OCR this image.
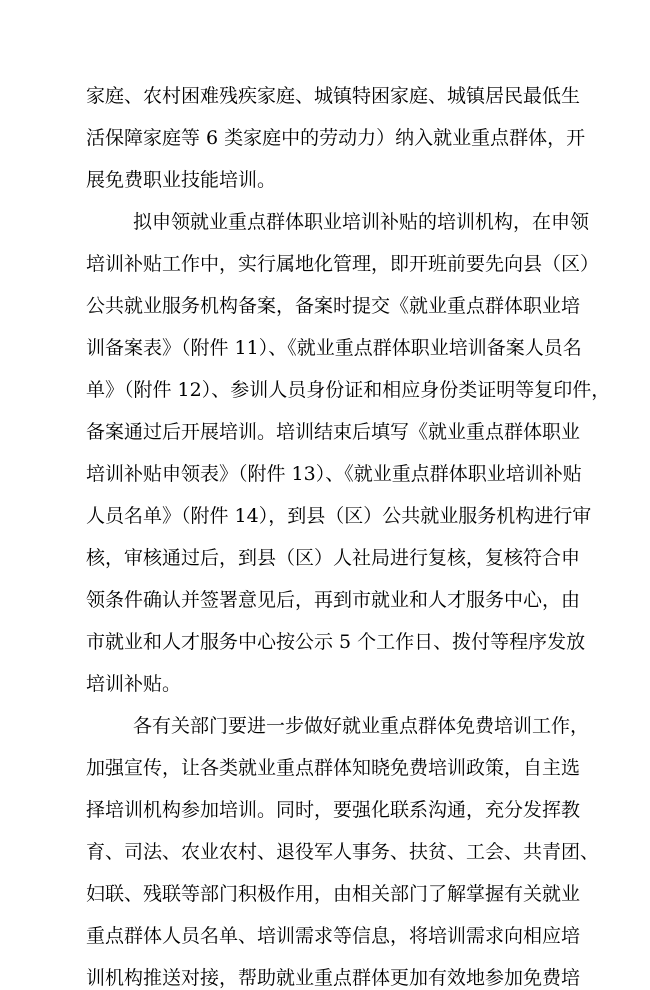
家庭、农村困难残疾家庭、城镇特困家庭、城镇居民最低生
活保障家庭等 6 类家庭中的劳动力）纳入就业重点群体，开
展免费职业技能培训。
拟申领就业重点群体职业培训补贴的培训机构，在申领
培训补贴工作中，实行属地化管理，即开班前要先向县（区）
公共就业服务机构备案，备案时提交《就业重点群体职业培
训备案表》（附件 11）、《就业重点群体职业培训备案人员名
单》（附件 12）、参训人员身份证和相应身份类证明等复印件，
备案通过后开展培训。培训结束后填写《就业重点群体职业
培训补贴申领表》（附件 13）、《就业重点群体职业培训补贴
人员名单》（附件 14），到县（区）公共就业服务机构进行审
核，审核通过后，到县（区）人社局进行复核，复核符合申
领条件确认并签署意见后，再到市就业和人才服务中心，由
市就业和人才服务中心按公示 5 个工作日、拨付等程序发放
培训补贴。
各有关部门要进一步做好就业重点群体免费培训工作，
加强宣传，让各类就业重点群体知晓免费培训政策，自主选
择培训机构参加培训。同时，要强化联系沟通，充分发挥教
育、司法、农业农村、退役军人事务、扶贫、工会、共青团、
妇联、残联等部门积极作用，由相关部门了解掌握有关就业
重点群体人员名单、培训需求等信息，将培训需求向相应培
训机构推送对接，帮助就业重点群体更加有效地参加免费培
